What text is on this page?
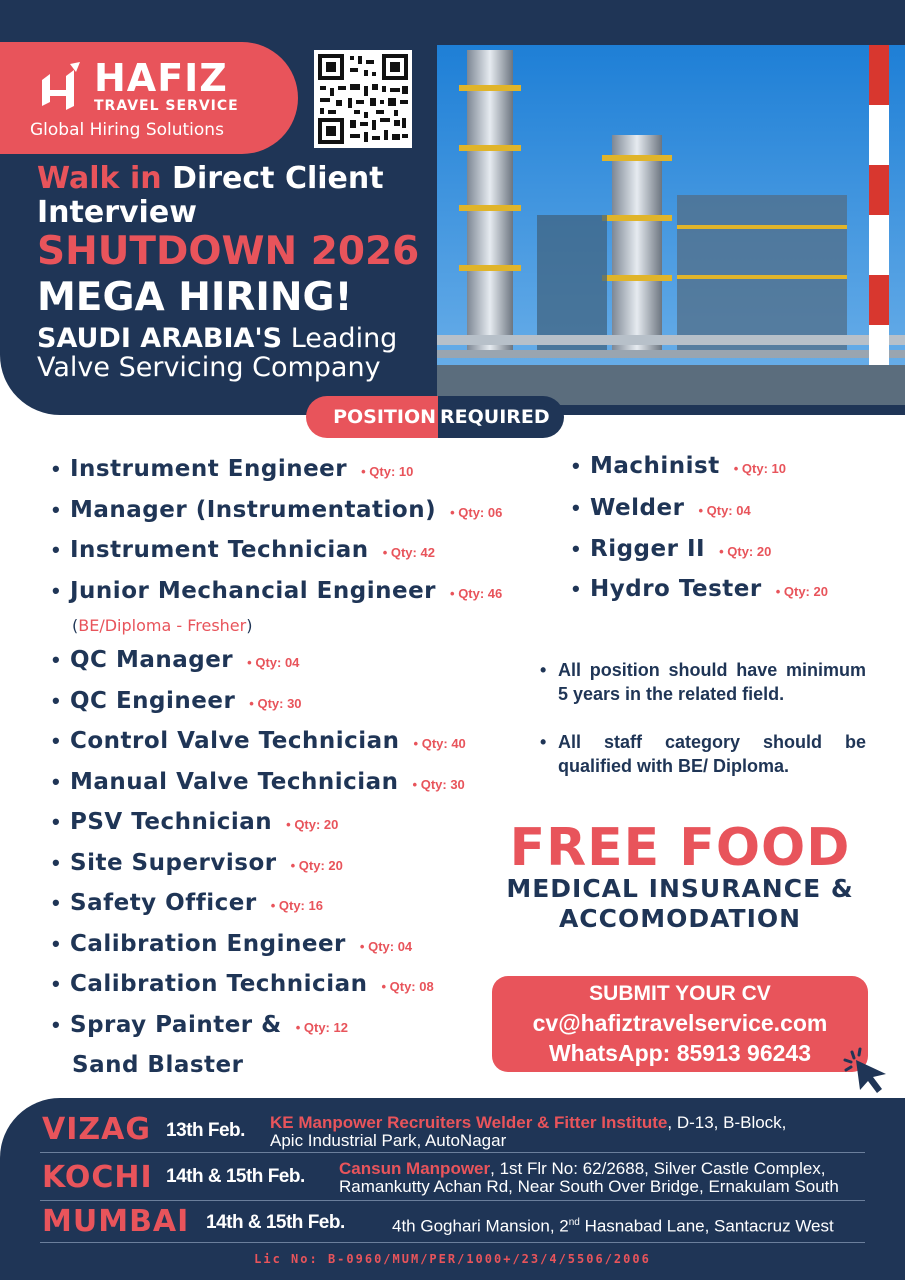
HAFIZ
TRAVEL SERVICE
Global Hiring Solutions
Walk in Direct Client
Interview
SHUTDOWN 2026
MEGA HIRING!
SAUDI ARABIA'S Leading
Valve Servicing Company
POSITION REQUIRED
• Instrument Engineer	• Qty: 10
• Manager (Instrumentation)	• Qty: 06
• Instrument Technician	• Qty: 42
• Junior Mechancial Engineer	• Qty: 46
(BE/Diploma - Fresher)
• QC Manager	• Qty: 04
• QC Engineer	• Qty: 30
• Control Valve Technician	• Qty: 40
• Manual Valve Technician	• Qty: 30
• PSV Technician	• Qty: 20
• Site Supervisor	• Qty: 20
• Safety Officer	• Qty: 16
• Calibration Engineer	• Qty: 04
• Calibration Technician	• Qty: 08
• Spray Painter &	• Qty: 12
Sand Blaster
• Machinist	• Qty: 10
• Welder	• Qty: 04
• Rigger II	• Qty: 20
• Hydro Tester	• Qty: 20
• All position should have minimum 5 years in the related field.
• All staff category should be qualified with BE/ Diploma.
FREE FOOD
MEDICAL INSURANCE &
ACCOMODATION
SUBMIT YOUR CV
cv@hafiztravelservice.com
WhatsApp: 85913 96243
VIZAG 13th Feb. KE Manpower Recruiters Welder & Fitter Institute, D-13, B-Block,
Apic Industrial Park, AutoNagar
KOCHI 14th & 15th Feb. Cansun Manpower, 1st Flr No: 62/2688, Silver Castle Complex,
Ramankutty Achan Rd, Near South Over Bridge, Ernakulam South
MUMBAI 14th & 15th Feb.	4th Goghari Mansion, 2nd Hasnabad Lane, Santacruz West
Lic No: B-0960/MUM/PER/1000+/23/4/5506/2006
